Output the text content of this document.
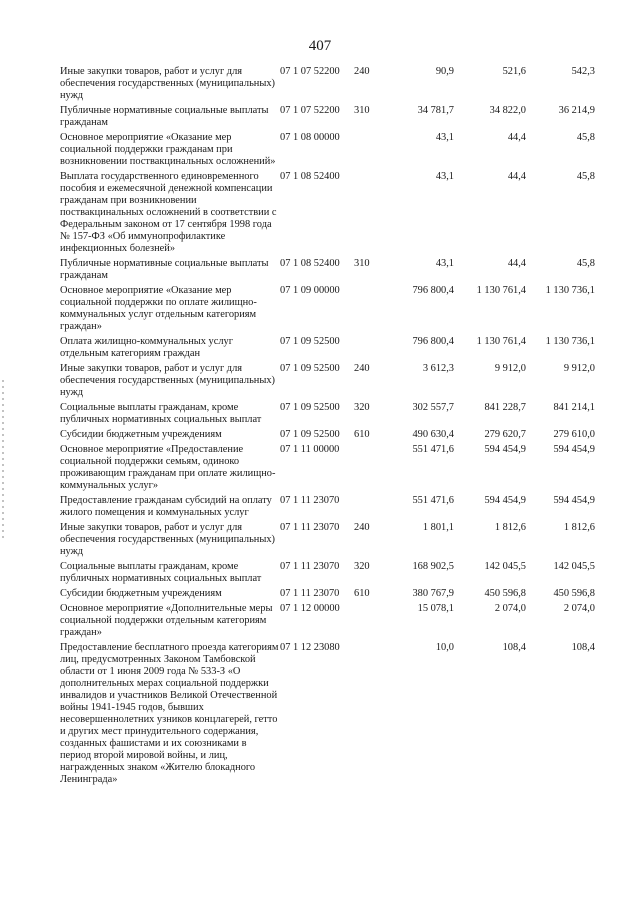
407
Иные закупки товаров, работ и услуг для обеспечения государственных (муниципальных) нужд	07 1 07 52200	240	90,9	521,6	542,3
Публичные нормативные социальные выплаты гражданам	07 1 07 52200	310	34 781,7	34 822,0	36 214,9
Основное мероприятие «Оказание мер социальной поддержки гражданам при возникновении поствакцинальных осложнений»	07 1 08 00000		43,1	44,4	45,8
Выплата государственного единовременного пособия и ежемесячной денежной компенсации гражданам при возникновении поствакцинальных осложнений в соответствии с Федеральным законом от 17 сентября 1998 года № 157-ФЗ «Об иммунопрофилактике инфекционных болезней»	07 1 08 52400		43,1	44,4	45,8
Публичные нормативные социальные выплаты гражданам	07 1 08 52400	310	43,1	44,4	45,8
Основное мероприятие «Оказание мер социальной поддержки по оплате жилищно-коммунальных услуг отдельным категориям граждан»	07 1 09 00000		796 800,4	1 130 761,4	1 130 736,1
Оплата жилищно-коммунальных услуг отдельным категориям граждан	07 1 09 52500		796 800,4	1 130 761,4	1 130 736,1
Иные закупки товаров, работ и услуг для обеспечения государственных (муниципальных) нужд	07 1 09 52500	240	3 612,3	9 912,0	9 912,0
Социальные выплаты гражданам, кроме публичных нормативных социальных выплат	07 1 09 52500	320	302 557,7	841 228,7	841 214,1
Субсидии бюджетным учреждениям	07 1 09 52500	610	490 630,4	279 620,7	279 610,0
Основное мероприятие «Предоставление социальной поддержки семьям, одиноко проживающим гражданам при оплате жилищно-коммунальных услуг»	07 1 11 00000		551 471,6	594 454,9	594 454,9
Предоставление гражданам субсидий на оплату жилого помещения и коммунальных услуг	07 1 11 23070		551 471,6	594 454,9	594 454,9
Иные закупки товаров, работ и услуг для обеспечения государственных (муниципальных) нужд	07 1 11 23070	240	1 801,1	1 812,6	1 812,6
Социальные выплаты гражданам, кроме публичных нормативных социальных выплат	07 1 11 23070	320	168 902,5	142 045,5	142 045,5
Субсидии бюджетным учреждениям	07 1 11 23070	610	380 767,9	450 596,8	450 596,8
Основное мероприятие «Дополнительные меры социальной поддержки отдельным категориям граждан»	07 1 12 00000		15 078,1	2 074,0	2 074,0
Предоставление бесплатного проезда категориям лиц, предусмотренных Законом Тамбовской области от 1 июня 2009 года № 533-З «О дополнительных мерах социальной поддержки инвалидов и участников Великой Отечественной войны 1941-1945 годов, бывших несовершеннолетних узников концлагерей, гетто и других мест принудительного содержания, созданных фашистами и их союзниками в период второй мировой войны, и лиц, награжденных знаком «Жителю блокадного Ленинграда»	07 1 12 23080		10,0	108,4	108,4
